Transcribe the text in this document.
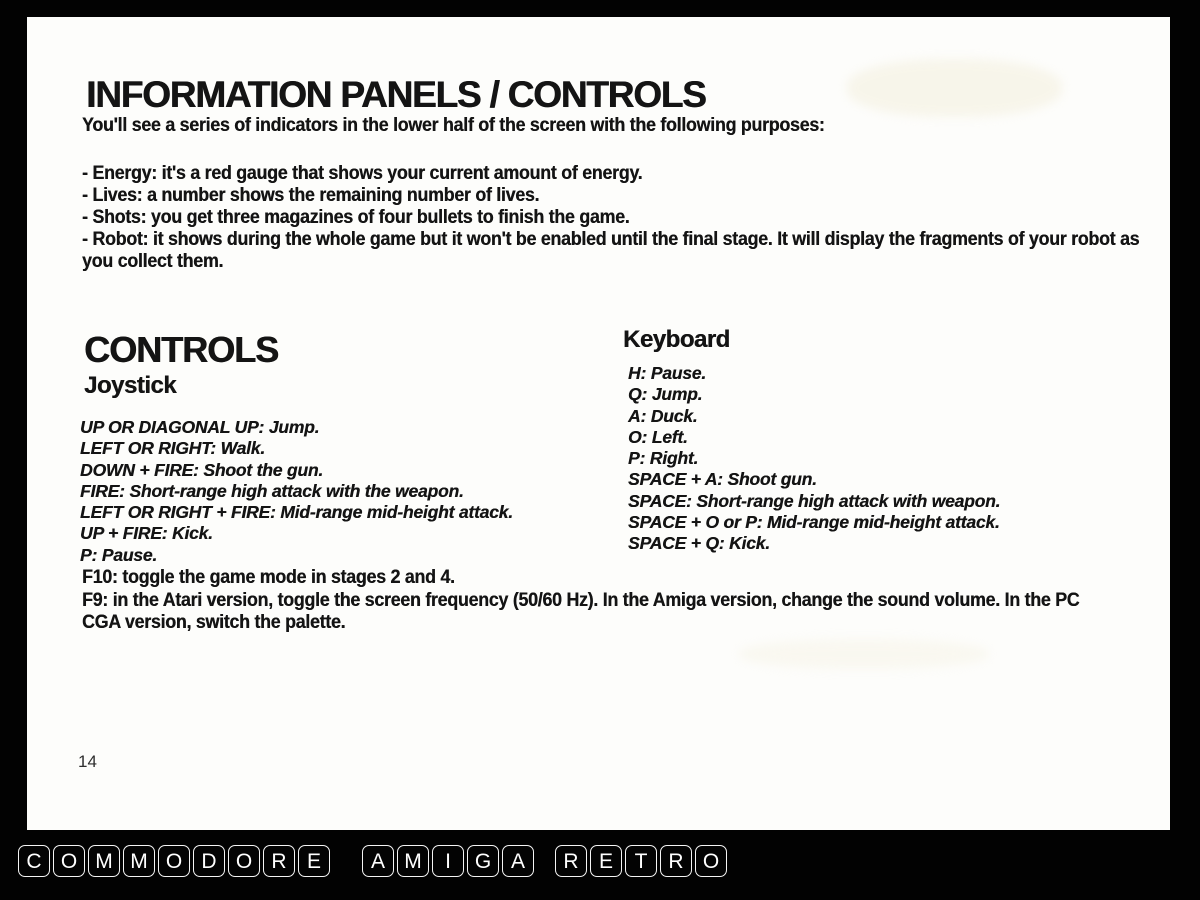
INFORMATION PANELS / CONTROLS
You'll see a series of indicators in the lower half of the screen with the following purposes:
- Energy: it's a red gauge that shows your current amount of energy.
- Lives: a number shows the remaining number of lives.
- Shots: you get three magazines of four bullets to finish the game.
- Robot: it shows during the whole game but it won't be enabled until the final stage. It will display the fragments of your robot as you collect them.
CONTROLS
Joystick
UP OR DIAGONAL UP: Jump.
LEFT OR RIGHT: Walk.
DOWN + FIRE: Shoot the gun.
FIRE: Short-range high attack with the weapon.
LEFT OR RIGHT + FIRE: Mid-range mid-height attack.
UP + FIRE: Kick.
P: Pause.
F10: toggle the game mode in stages 2 and 4.
F9: in the Atari version, toggle the screen frequency (50/60 Hz). In the Amiga version, change the sound volume. In the PC CGA version, switch the palette.
Keyboard
H: Pause.
Q: Jump.
A: Duck.
O: Left.
P: Right.
SPACE + A: Shoot gun.
SPACE: Short-range high attack with weapon.
SPACE + O or P: Mid-range mid-height attack.
SPACE + Q: Kick.
14
C O M M O D O R E	A M	I	G A	R E	T	R O
